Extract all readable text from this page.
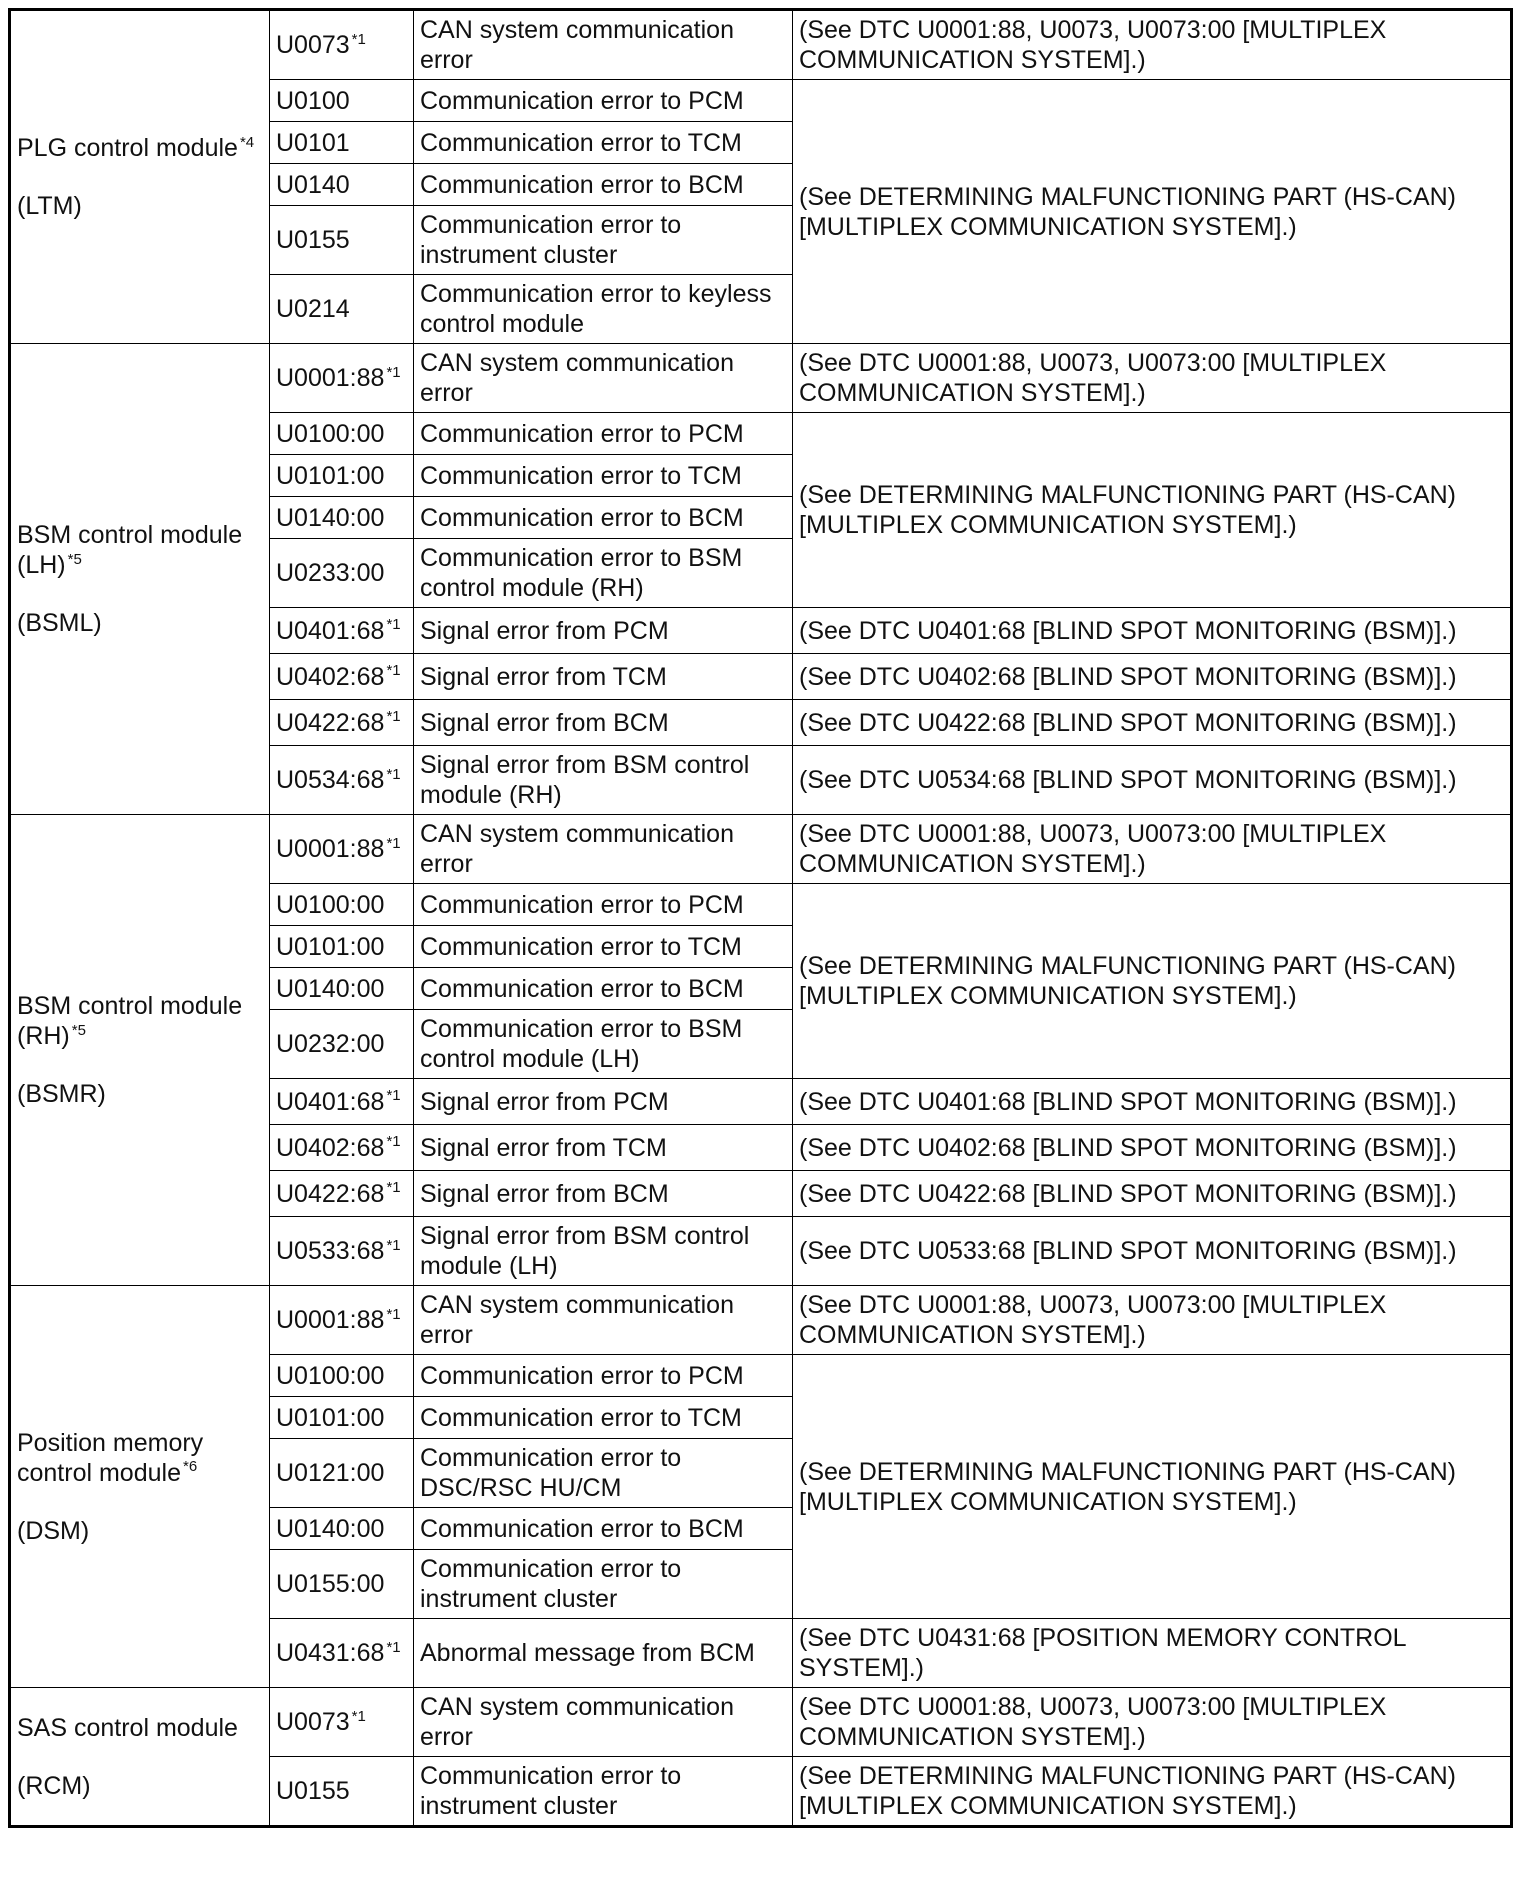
PLG control module $^{*4}$
(LTM)	U0073 $^{*1}$	CAN system communication error	(See DTC U0001:88, U0073, U0073:00 [MULTIPLEX COMMUNICATION SYSTEM].)
	U0100	Communication error to PCM	(See DETERMINING MALFUNCTIONING PART (HS-CAN) [MULTIPLEX COMMUNICATION SYSTEM].)
	U0101	Communication error to TCM	
	U0140	Communication error to BCM	
	U0155	Communication error to instrument cluster	
	U0214	Communication error to keyless control module	

BSM control module (LH) $^{*5}$
(BSML)	U0001:88 $^{*1}$	CAN system communication error	(See DTC U0001:88, U0073, U0073:00 [MULTIPLEX COMMUNICATION SYSTEM].)
	U0100:00	Communication error to PCM	(See DETERMINING MALFUNCTIONING PART (HS-CAN) [MULTIPLEX COMMUNICATION SYSTEM].)
	U0101:00	Communication error to TCM	
	U0140:00	Communication error to BCM	
	U0233:00	Communication error to BSM control module (RH)	
	U0401:68 $^{*1}$	Signal error from PCM	(See DTC U0401:68 [BLIND SPOT MONITORING (BSM)].)
	U0402:68 $^{*1}$	Signal error from TCM	(See DTC U0402:68 [BLIND SPOT MONITORING (BSM)].)
	U0422:68 $^{*1}$	Signal error from BCM	(See DTC U0422:68 [BLIND SPOT MONITORING (BSM)].)
	U0534:68 $^{*1}$	Signal error from BSM control module (RH)	(See DTC U0534:68 [BLIND SPOT MONITORING (BSM)].)

BSM control module (RH) $^{*5}$
(BSMR)	U0001:88 $^{*1}$	CAN system communication error	(See DTC U0001:88, U0073, U0073:00 [MULTIPLEX COMMUNICATION SYSTEM].)
	U0100:00	Communication error to PCM	(See DETERMINING MALFUNCTIONING PART (HS-CAN) [MULTIPLEX COMMUNICATION SYSTEM].)
	U0101:00	Communication error to TCM	
	U0140:00	Communication error to BCM	
	U0232:00	Communication error to BSM control module (LH)	
	U0401:68 $^{*1}$	Signal error from PCM	(See DTC U0401:68 [BLIND SPOT MONITORING (BSM)].)
	U0402:68 $^{*1}$	Signal error from TCM	(See DTC U0402:68 [BLIND SPOT MONITORING (BSM)].)
	U0422:68 $^{*1}$	Signal error from BCM	(See DTC U0422:68 [BLIND SPOT MONITORING (BSM)].)
	U0533:68 $^{*1}$	Signal error from BSM control module (LH)	(See DTC U0533:68 [BLIND SPOT MONITORING (BSM)].)

Position memory control module $^{*6}$
(DSM)	U0001:88 $^{*1}$	CAN system communication error	(See DTC U0001:88, U0073, U0073:00 [MULTIPLEX COMMUNICATION SYSTEM].)
	U0100:00	Communication error to PCM	(See DETERMINING MALFUNCTIONING PART (HS-CAN) [MULTIPLEX COMMUNICATION SYSTEM].)
	U0101:00	Communication error to TCM	
	U0121:00	Communication error to DSC/RSC HU/CM	
	U0140:00	Communication error to BCM	
	U0155:00	Communication error to instrument cluster	
	U0431:68 $^{*1}$	Abnormal message from BCM	(See DTC U0431:68 [POSITION MEMORY CONTROL SYSTEM].)

SAS control module
(RCM)	U0073 $^{*1}$	CAN system communication error	(See DTC U0001:88, U0073, U0073:00 [MULTIPLEX COMMUNICATION SYSTEM].)
	U0155	Communication error to instrument cluster	(See DETERMINING MALFUNCTIONING PART (HS-CAN) [MULTIPLEX COMMUNICATION SYSTEM].)
